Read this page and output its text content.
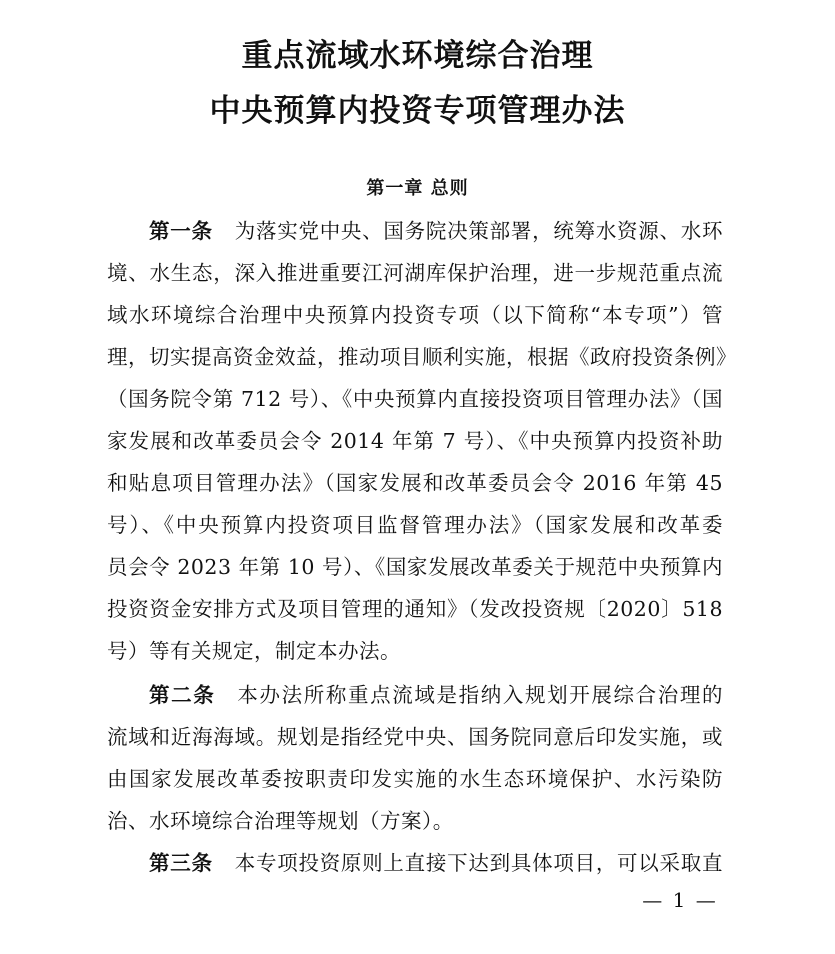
重点流域水环境综合治理
中央预算内投资专项管理办法
第一章 总则
第一条 为落实党中央、国务院决策部署，统筹水资源、水环
境、水生态，深入推进重要江河湖库保护治理，进一步规范重点流
域水环境综合治理中央预算内投资专项（以下简称“本专项”）管
理，切实提高资金效益，推动项目顺利实施，根据《政府投资条例》
（国务院令第 712 号）、《中央预算内直接投资项目管理办法》（国
家发展和改革委员会令 2014 年第 7 号）、《中央预算内投资补助
和贴息项目管理办法》（国家发展和改革委员会令 2016 年第 45
号）、《中央预算内投资项目监督管理办法》（国家发展和改革委
员会令 2023 年第 10 号）、《国家发展改革委关于规范中央预算内
投资资金安排方式及项目管理的通知》（发改投资规〔2020〕518
号）等有关规定，制定本办法。
第二条 本办法所称重点流域是指纳入规划开展综合治理的
流域和近海海域。规划是指经党中央、国务院同意后印发实施，或
由国家发展改革委按职责印发实施的水生态环境保护、水污染防
治、水环境综合治理等规划（方案）。
第三条 本专项投资原则上直接下达到具体项目，可以采取直
— 1 —
